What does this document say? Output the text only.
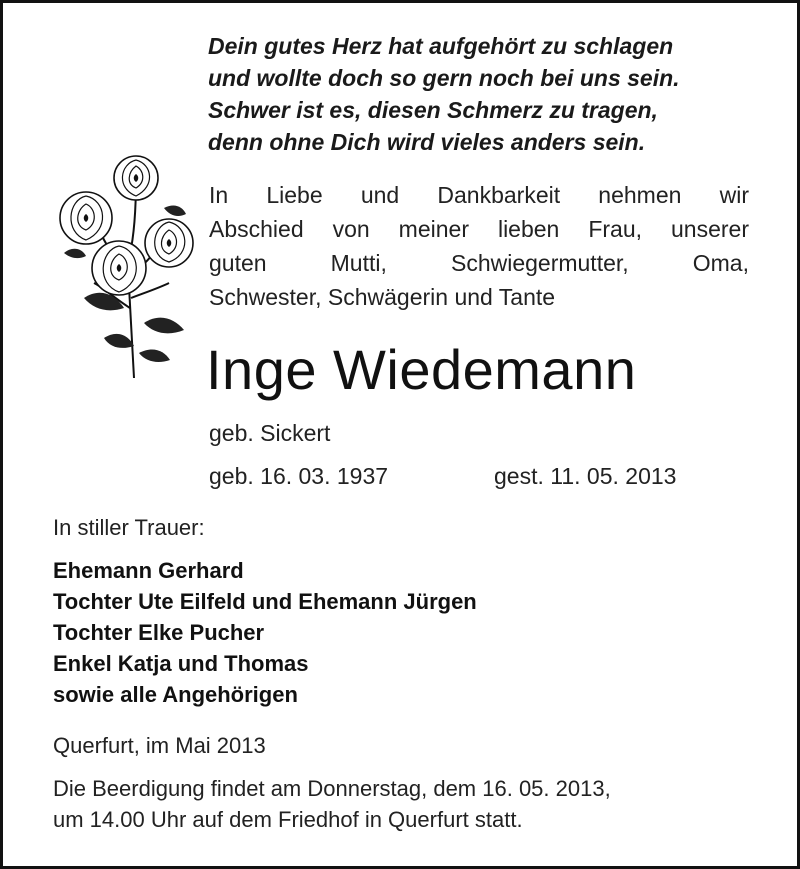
Dein gutes Herz hat aufgehört zu schlagen
und wollte doch so gern noch bei uns sein.
Schwer ist es, diesen Schmerz zu tragen,
denn ohne Dich wird vieles anders sein.
In Liebe und Dankbarkeit nehmen wir
Abschied von meiner lieben Frau, unserer
guten Mutti, Schwiegermutter, Oma,
Schwester, Schwägerin und Tante
Inge Wiedemann
geb. Sickert
geb. 16. 03. 1937	gest. 11. 05. 2013
In stiller Trauer:
Ehemann Gerhard
Tochter Ute Eilfeld und Ehemann Jürgen
Tochter Elke Pucher
Enkel Katja und Thomas
sowie alle Angehörigen
Querfurt, im Mai 2013
Die Beerdigung findet am Donnerstag, dem 16. 05. 2013,
um 14.00 Uhr auf dem Friedhof in Querfurt statt.
